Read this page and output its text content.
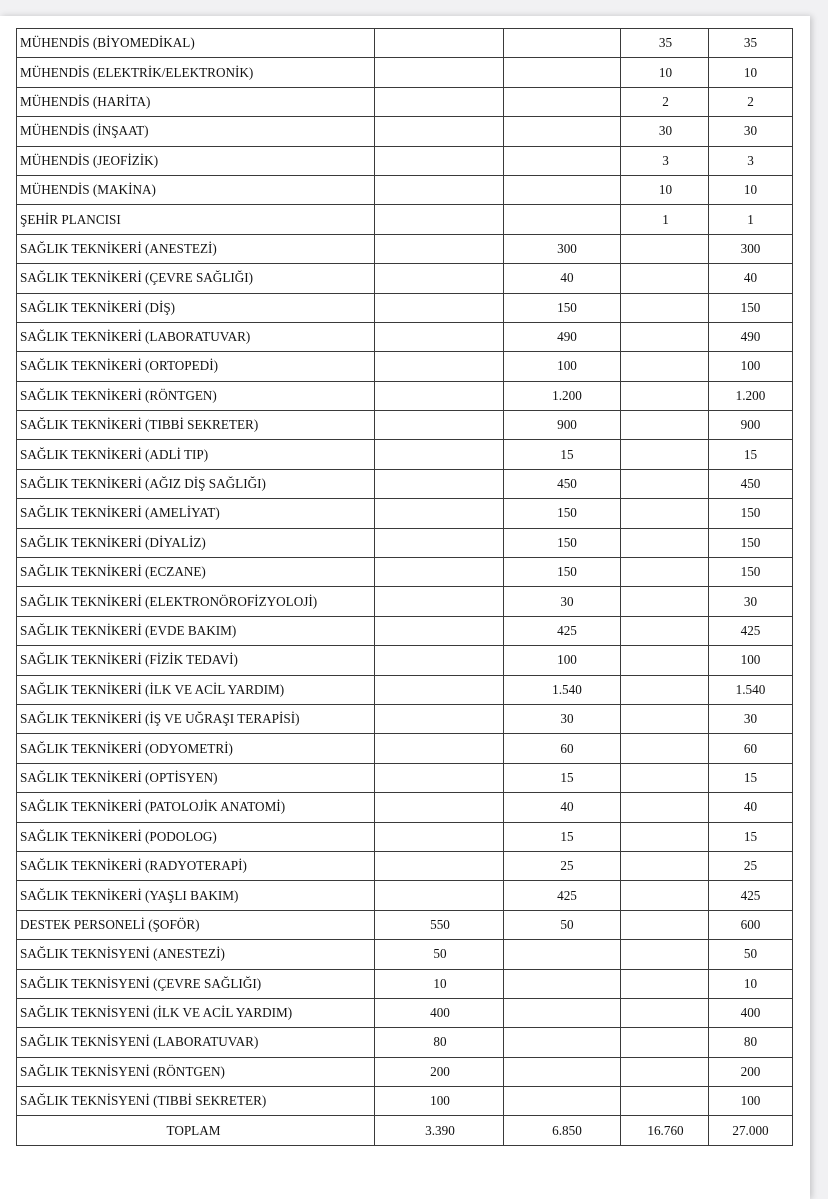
MÜHENDİS (BİYOMEDİKAL)			35	35
MÜHENDİS (ELEKTRİK/ELEKTRONİK)			10	10
MÜHENDİS (HARİTA)			2	2
MÜHENDİS (İNŞAAT)			30	30
MÜHENDİS (JEOFİZİK)			3	3
MÜHENDİS (MAKİNA)			10	10
ŞEHİR PLANCISI			1	1
SAĞLIK TEKNİKERİ (ANESTEZİ)		300		300
SAĞLIK TEKNİKERİ (ÇEVRE SAĞLIĞI)		40		40
SAĞLIK TEKNİKERİ (DİŞ)		150		150
SAĞLIK TEKNİKERİ (LABORATUVAR)		490		490
SAĞLIK TEKNİKERİ (ORTOPEDİ)		100		100
SAĞLIK TEKNİKERİ (RÖNTGEN)		1.200		1.200
SAĞLIK TEKNİKERİ (TIBBİ SEKRETER)		900		900
SAĞLIK TEKNİKERİ (ADLİ TIP)		15		15
SAĞLIK TEKNİKERİ (AĞIZ DİŞ SAĞLIĞI)		450		450
SAĞLIK TEKNİKERİ (AMELİYAT)		150		150
SAĞLIK TEKNİKERİ (DİYALİZ)		150		150
SAĞLIK TEKNİKERİ (ECZANE)		150		150
SAĞLIK TEKNİKERİ (ELEKTRONÖROFİZYOLOJİ)		30		30
SAĞLIK TEKNİKERİ (EVDE BAKIM)		425		425
SAĞLIK TEKNİKERİ (FİZİK TEDAVİ)		100		100
SAĞLIK TEKNİKERİ (İLK VE ACİL YARDIM)		1.540		1.540
SAĞLIK TEKNİKERİ (İŞ VE UĞRAŞI TERAPİSİ)		30		30
SAĞLIK TEKNİKERİ (ODYOMETRİ)		60		60
SAĞLIK TEKNİKERİ (OPTİSYEN)		15		15
SAĞLIK TEKNİKERİ (PATOLOJİK ANATOMİ)		40		40
SAĞLIK TEKNİKERİ (PODOLOG)		15		15
SAĞLIK TEKNİKERİ (RADYOTERAPİ)		25		25
SAĞLIK TEKNİKERİ (YAŞLI BAKIM)		425		425
DESTEK PERSONELİ (ŞOFÖR)	550	50		600
SAĞLIK TEKNİSYENİ (ANESTEZİ)	50			50
SAĞLIK TEKNİSYENİ (ÇEVRE SAĞLIĞI)	10			10
SAĞLIK TEKNİSYENİ (İLK VE ACİL YARDIM)	400			400
SAĞLIK TEKNİSYENİ (LABORATUVAR)	80			80
SAĞLIK TEKNİSYENİ (RÖNTGEN)	200			200
SAĞLIK TEKNİSYENİ (TIBBİ SEKRETER)	100			100
TOPLAM	3.390	6.850	16.760	27.000
